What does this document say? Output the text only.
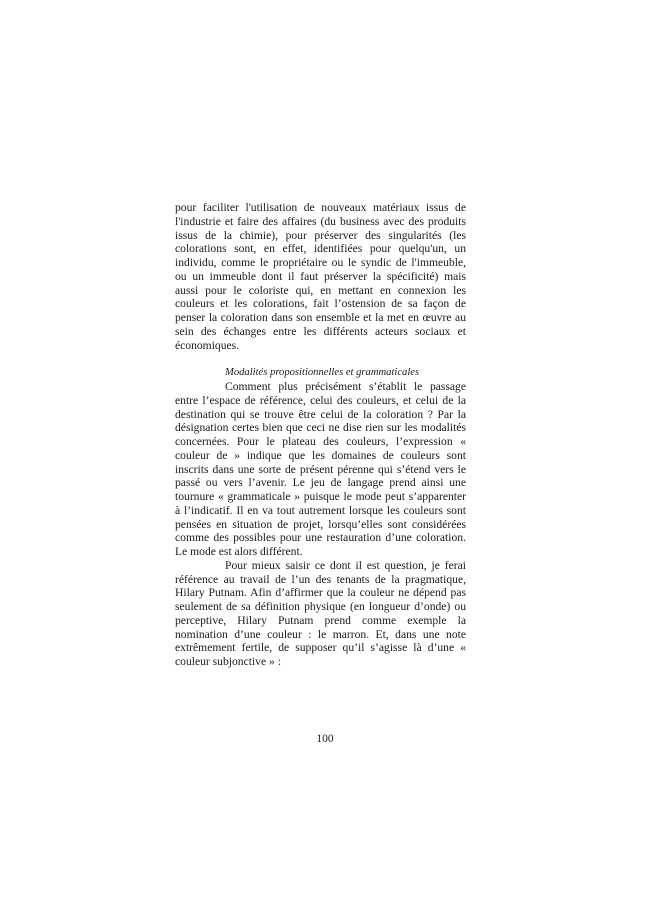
pour faciliter l'utilisation de nouveaux matériaux issus de l'industrie et faire des affaires (du business avec des produits issus de la chimie), pour préserver des singularités (les colorations sont, en effet, identifiées pour quelqu'un, un individu, comme le propriétaire ou le syndic de l'immeuble, ou un immeuble dont il faut préserver la spécificité) mais aussi pour le coloriste qui, en mettant en connexion les couleurs et les colorations, fait l’ostension de sa façon de penser la coloration dans son ensemble et la met en œuvre au sein des échanges entre les différents acteurs sociaux et économiques.

Modalités propositionnelles et grammaticales

Comment plus précisément s’établit le passage entre l’espace de référence, celui des couleurs, et celui de la destination qui se trouve être celui de la coloration ? Par la désignation certes bien que ceci ne dise rien sur les modalités concernées. Pour le plateau des couleurs, l’expression « couleur de » indique que les domaines de couleurs sont inscrits dans une sorte de présent pérenne qui s’étend vers le passé ou vers l’avenir. Le jeu de langage prend ainsi une tournure « grammaticale » puisque le mode peut s’apparenter à l’indicatif. Il en va tout autrement lorsque les couleurs sont pensées en situation de projet, lorsqu’elles sont considérées comme des possibles pour une restauration d’une coloration. Le mode est alors différent.

Pour mieux saisir ce dont il est question, je ferai référence au travail de l’un des tenants de la pragmatique, Hilary Putnam. Afin d’affirmer que la couleur ne dépend pas seulement de sa définition physique (en longueur d’onde) ou perceptive, Hilary Putnam prend comme exemple la nomination d’une couleur : le marron. Et, dans une note extrêmement fertile, de supposer qu’il s’agisse là d’une « couleur subjonctive » :

100
